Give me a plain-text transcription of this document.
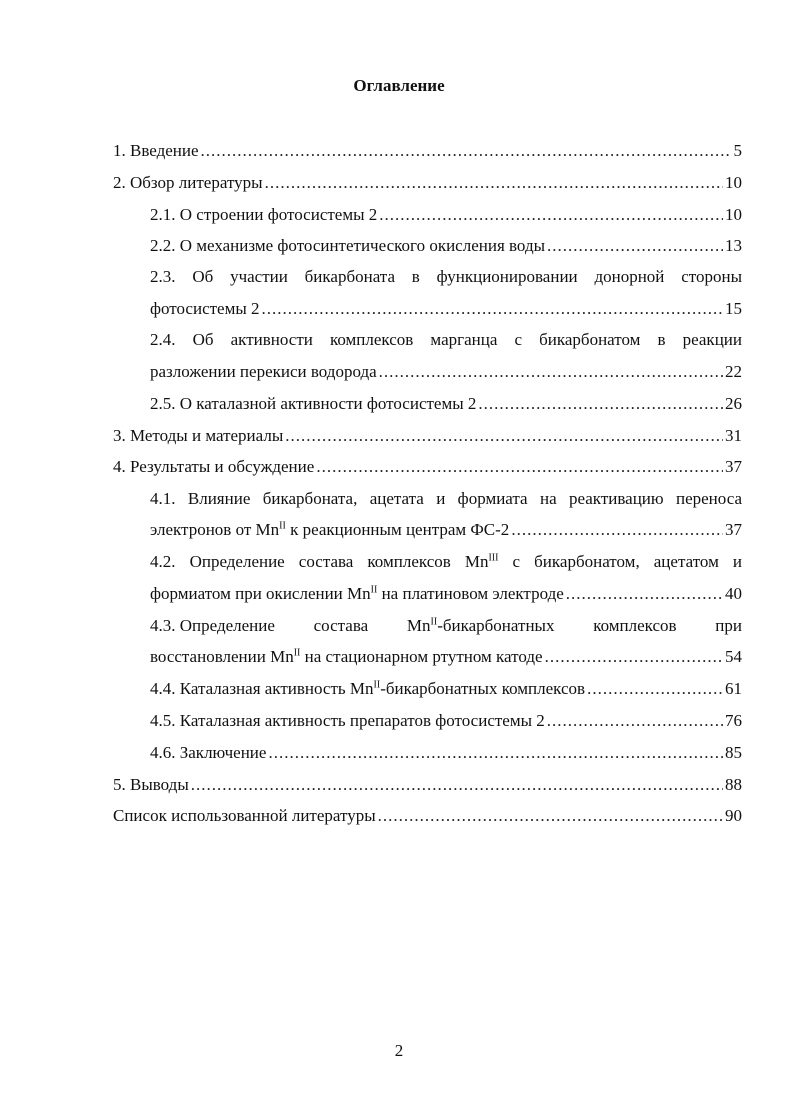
Оглавление
1. Введение .....	5
2. Обзор литературы .....	10
2.1. О строении фотосистемы 2 .....	10
2.2. О механизме фотосинтетического окисления воды .....	13
2.3. Об участии бикарбоната в функционировании донорной стороны
фотосистемы 2 .....	15
2.4. Об активности комплексов марганца с бикарбонатом в реакции
разложении перекиси водорода .....	22
2.5. О каталазной активности фотосистемы 2 .....	26
3. Методы и материалы .....	31
4. Результаты и обсуждение .....	37
4.1. Влияние бикарбоната, ацетата и формиата на реактивацию переноса
электронов от $Mn^{II}$ к реакционным центрам ФС-2 .....	37
4.2. Определение состава комплексов $Mn^{III}$ с бикарбонатом, ацетатом и
формиатом при окислении $Mn^{II}$ на платиновом электроде .....	40
4.3. Определение состава $Mn^{II}$-бикарбонатных комплексов при
восстановлении $Mn^{II}$ на стационарном ртутном катоде .....	54
4.4. Каталазная активность $Mn^{II}$-бикарбонатных комплексов .....	61
4.5. Каталазная активность препаратов фотосистемы 2 .....	76
4.6. Заключение .....	85
5. Выводы .....	88
Список использованной литературы .....	90
2
